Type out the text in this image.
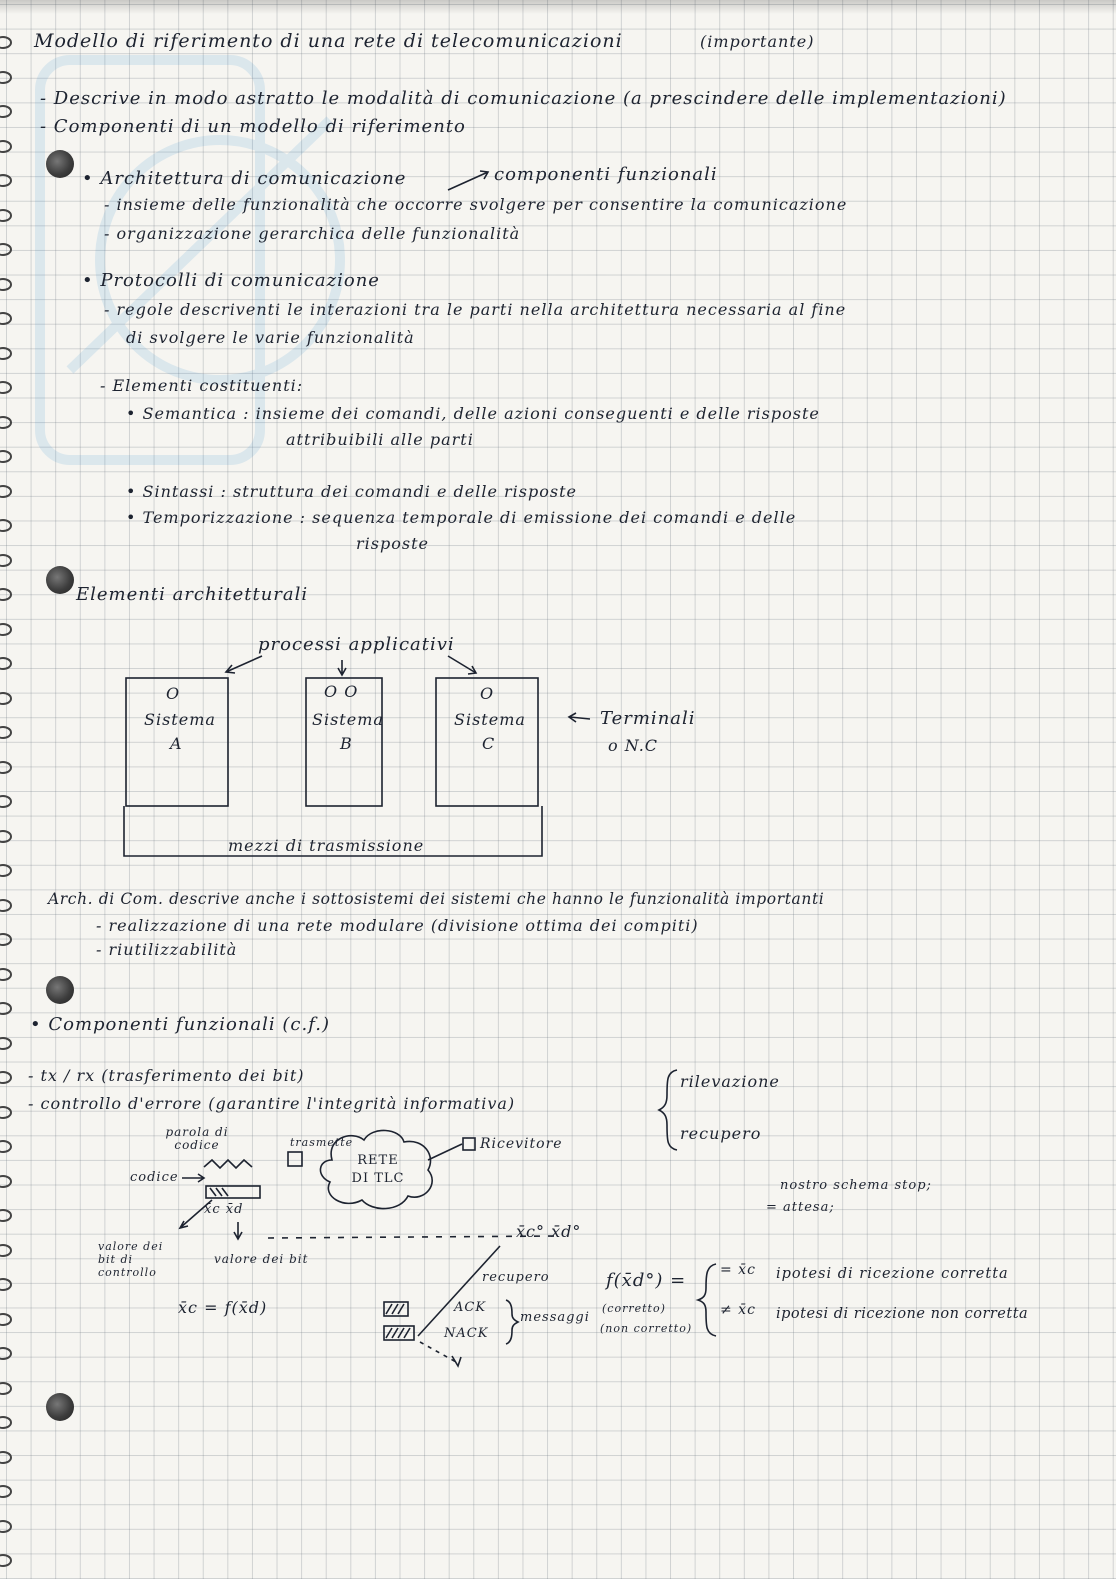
Modello di riferimento di una rete di telecomunicazioni	(importante)
- Descrive in modo astratto le modalità di comunicazione (a prescindere delle implementazioni)
- Componenti di un modello di riferimento
• Architettura di comunicazione	componenti funzionali
- insieme delle funzionalità che occorre svolgere per consentire la comunicazione
- organizzazione gerarchica delle funzionalità
• Protocolli di comunicazione
- regole descriventi le interazioni tra le parti nella architettura necessaria al fine
di svolgere le varie funzionalità
- Elementi costituenti:
• Semantica : insieme dei comandi, delle azioni conseguenti e delle risposte
attribuibili alle parti
• Sintassi : struttura dei comandi e delle risposte
• Temporizzazione : sequenza temporale di emissione dei comandi e delle
risposte
Elementi architetturali
processi applicativi
O
Sistema
A
O O
Sistema
B
O
Sistema
C
Terminali
o N.C
mezzi di trasmissione
Arch. di Com. descrive anche i sottosistemi dei sistemi che hanno le funzionalità importanti
- realizzazione di una rete modulare (divisione ottima dei compiti)
- riutilizzabilità
• Componenti funzionali (c.f.)
- tx / rx (trasferimento dei bit)
- controllo d'errore (garantire l'integrità informativa)
rilevazione
recupero
parola di codice
codice
trasmette
RETE DI TLC
Ricevitore
x̄c x̄d
valore dei bit di controllo
valore dei bit
x̄c = f(x̄d)
x̄c° x̄d°
recupero
ACK
NACK
messaggi
(corretto)
(non corretto)
f(x̄d°) = = x̄c ipotesi di ricezione corretta
≠ x̄c ipotesi di ricezione non corretta
nostro schema stop;
= attesa;
